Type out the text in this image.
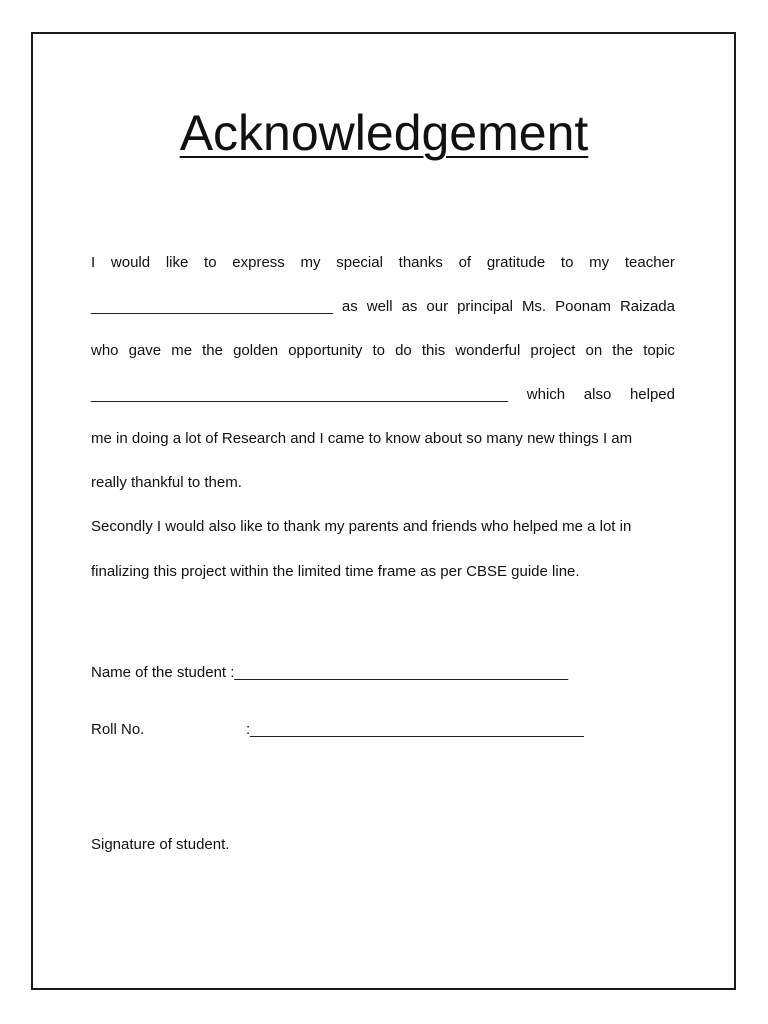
Acknowledgement
I would like to express my special thanks of gratitude to my teacher
_____________________________ as well as our principal Ms. Poonam Raizada
who gave me the golden opportunity to do this wonderful project on the topic
__________________________________________________ which also helped
me in doing a lot of Research and I came to know about so many new things I am
really thankful to them.
Secondly I would also like to thank my parents and friends who helped me a lot in
finalizing this project within the limited time frame as per CBSE guide line.
Name of the student :________________________________________
Roll No.	:________________________________________
Signature of student.
